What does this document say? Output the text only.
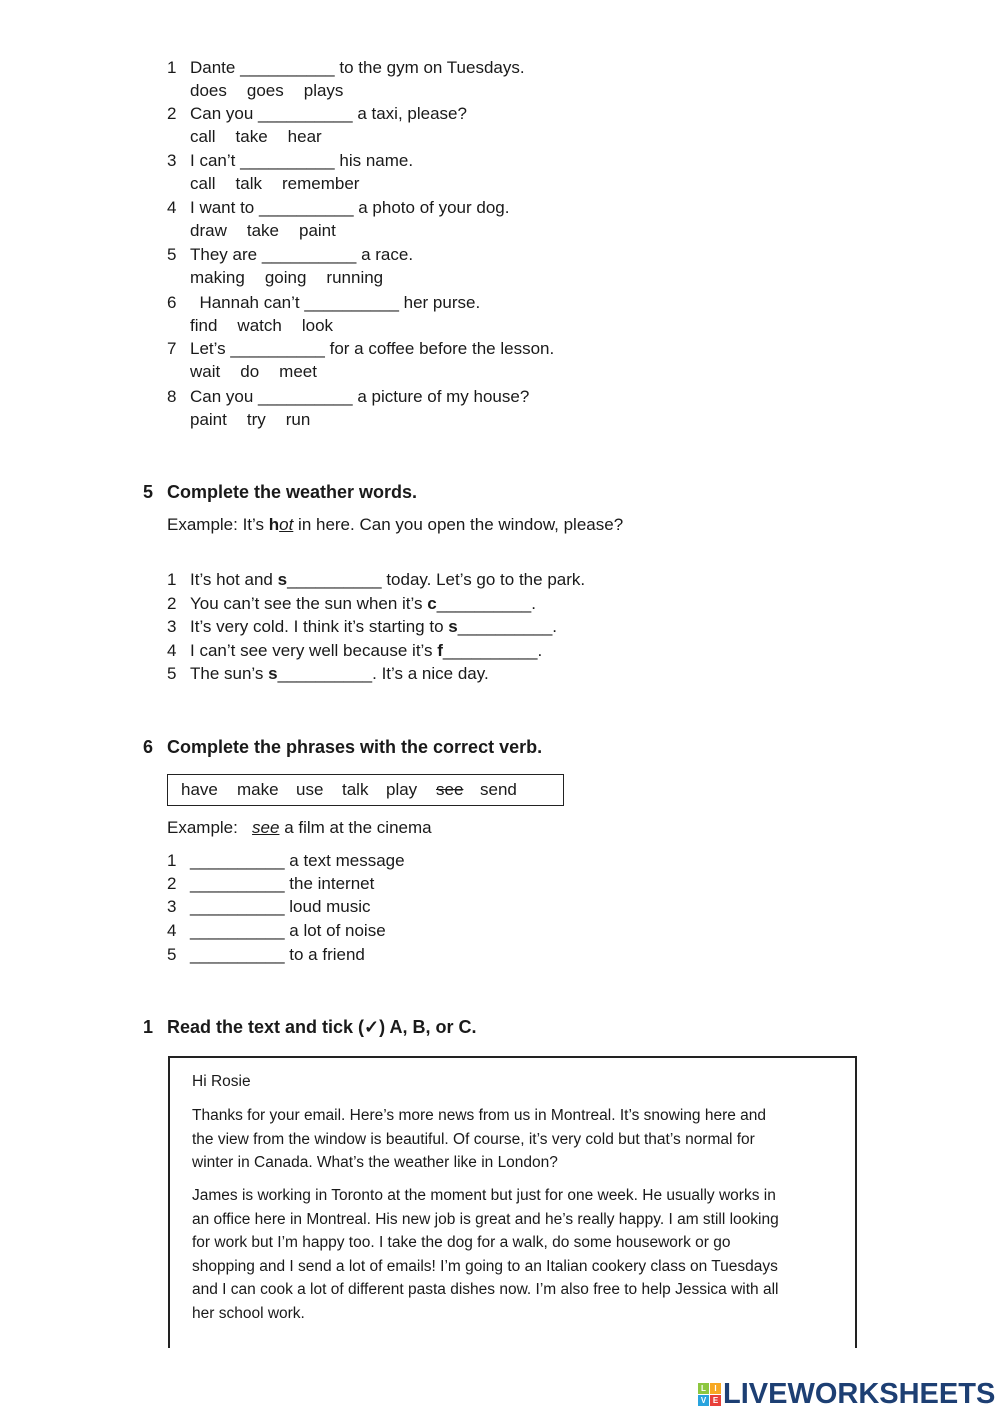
5 Complete the weather words.
Example: It’s hot in here. Can you open the window, please?
6 Complete the phrases with the correct verb.
have make use talk play see send
Example: see a film at the cinema
1 Read the text and tick (✓) A, B, or C.
Hi Rosie
Thanks for your email. Here’s more news from us in Montreal. It’s snowing here and
the view from the window is beautiful. Of course, it’s very cold but that’s normal for
winter in Canada. What’s the weather like in London?
James is working in Toronto at the moment but just for one week. He usually works in
an office here in Montreal. His new job is great and he’s really happy. I am still looking
for work but I’m happy too. I take the dog for a walk, do some housework or go
shopping and I send a lot of emails! I’m going to an Italian cookery class on Tuesdays
and I can cook a lot of different pasta dishes now. I’m also free to help Jessica with all
her school work.
L	I
V E LIVEWORKSHEETS
1 Dante __________ to the gym on Tuesdays.
does goes plays
2 Can you __________ a taxi, please?
call take hear
3 I can’t __________ his name.
call talk remember
4 I want to __________ a photo of your dog.
draw take paint
5 They are __________ a race.
making going running
6 Hannah can’t __________ her purse.
find watch look
7 Let’s __________ for a coffee before the lesson.
wait do meet
8 Can you __________ a picture of my house?
paint try run
1 It’s hot and s__________ today. Let’s go to the park.
2 You can’t see the sun when it’s c__________.
3 It’s very cold. I think it’s starting to s__________.
4 I can’t see very well because it’s f__________.
5 The sun’s s__________. It’s a nice day.
1 __________ a text message
2 __________ the internet
3 __________ loud music
4 __________ a lot of noise
5 __________ to a friend
